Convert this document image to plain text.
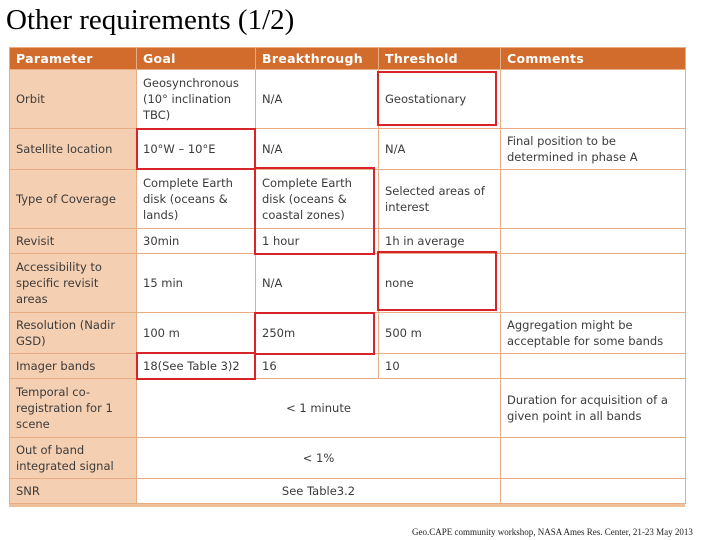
Other requirements (1/2)
Parameter	Goal	Breakthrough	Threshold	Comments
Orbit	Geosynchronous (10° inclination TBC)	N/A	Geostationary	
Satellite location	10°W – 10°E	N/A	N/A	Final position to be determined in phase A
Type of Coverage	Complete Earth disk (oceans & lands)	Complete Earth disk (oceans & coastal zones)	Selected areas of interest	
Revisit	30min	1 hour	1h in average	
Accessibility to specific revisit areas	15 min	N/A	none	
Resolution (Nadir GSD)	100 m	250m	500 m	Aggregation might be acceptable for some bands
Imager bands	18(See Table 3)2	16	10	
Temporal co-registration for 1 scene	< 1 minute			Duration for acquisition of a given point in all bands
Out of band integrated signal	< 1%			
SNR	See Table3.2			
Geo.CAPE community workshop, NASA Ames Res. Center, 21-23 May 2013
